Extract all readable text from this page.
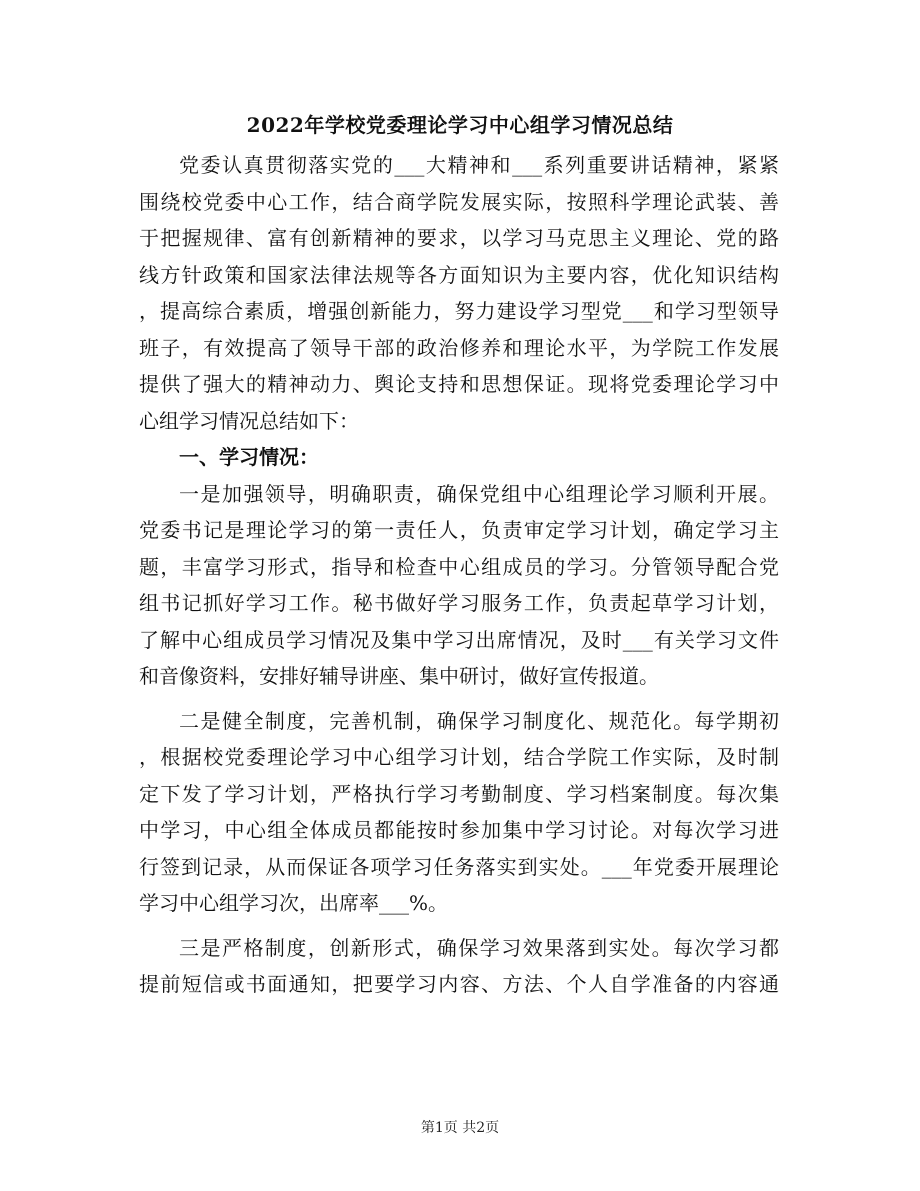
2022年学校党委理论学习中心组学习情况总结
党委认真贯彻落实党的___大精神和___系列重要讲话精神，紧紧
围绕校党委中心工作，结合商学院发展实际，按照科学理论武装、善
于把握规律、富有创新精神的要求，以学习马克思主义理论、党的路
线方针政策和国家法律法规等各方面知识为主要内容，优化知识结构
，提高综合素质，增强创新能力，努力建设学习型党___和学习型领导
班子，有效提高了领导干部的政治修养和理论水平，为学院工作发展
提供了强大的精神动力、舆论支持和思想保证。现将党委理论学习中
心组学习情况总结如下：
一、学习情况：
一是加强领导，明确职责，确保党组中心组理论学习顺利开展。
党委书记是理论学习的第一责任人，负责审定学习计划，确定学习主
题，丰富学习形式，指导和检查中心组成员的学习。分管领导配合党
组书记抓好学习工作。秘书做好学习服务工作，负责起草学习计划，
了解中心组成员学习情况及集中学习出席情况，及时___有关学习文件
和音像资料，安排好辅导讲座、集中研讨，做好宣传报道。
二是健全制度，完善机制，确保学习制度化、规范化。每学期初
，根据校党委理论学习中心组学习计划，结合学院工作实际，及时制
定下发了学习计划，严格执行学习考勤制度、学习档案制度。每次集
中学习，中心组全体成员都能按时参加集中学习讨论。对每次学习进
行签到记录，从而保证各项学习任务落实到实处。___年党委开展理论
学习中心组学习次，出席率___%。
三是严格制度，创新形式，确保学习效果落到实处。每次学习都
提前短信或书面通知，把要学习内容、方法、个人自学准备的内容通
第1页 共2页
